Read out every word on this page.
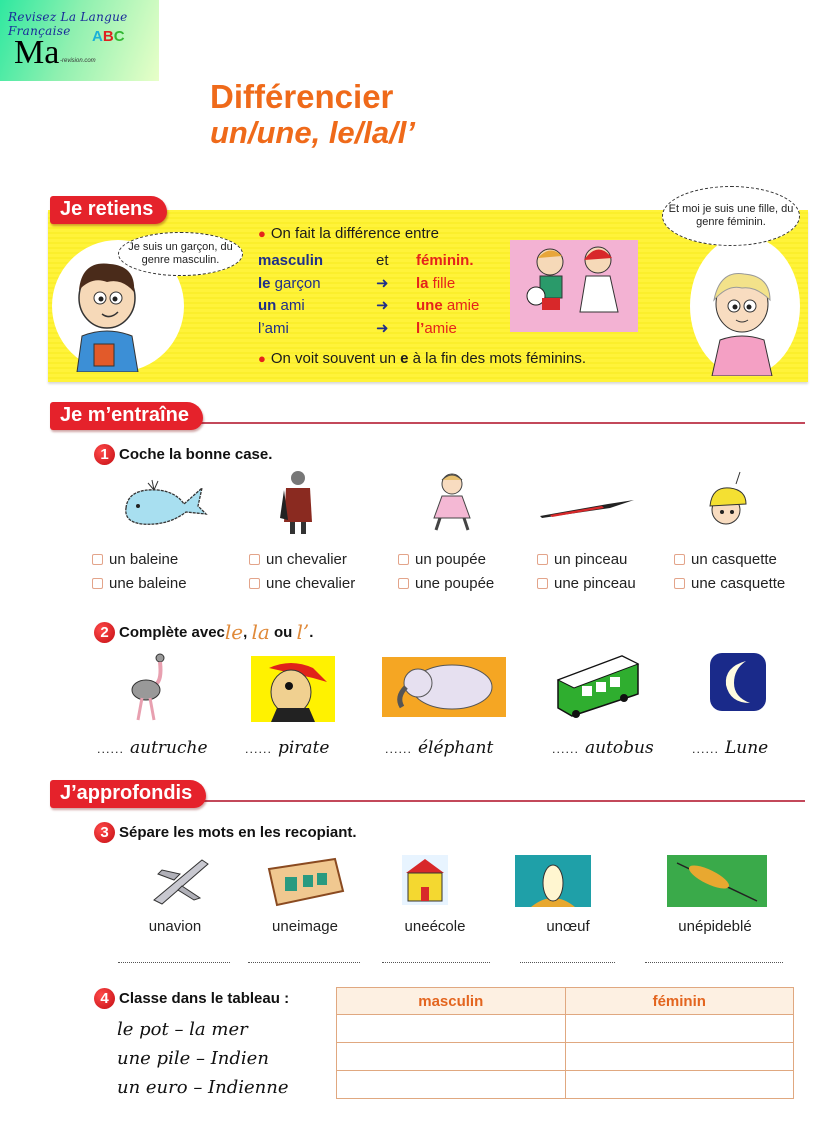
Revisez La Langue Française
Ma ABC
-revision.com
Différencier
un/une, le/la/l’
Je retiens
Je suis un garçon, du genre masculin.
● On fait la différence entre
masculin	et	féminin.
le garçon	➜	la fille
un ami	➜	une amie
l’ami	➜	l’amie
● On voit souvent un e à la fin des mots féminins.
Et moi je suis une fille, du genre féminin.
Je m’entraîne
1 Coche la bonne case.
un baleine
une baleine
un chevalier
une chevalier
un poupée
une poupée
un pinceau
une pinceau
un casquette
une casquette
2 Complète avec le , la ou l’ .
...... autruche	...... pirate	...... éléphant	...... autobus	...... Lune
J’approfondis
3 Sépare les mots en les recopiant.
unavion	uneimage	uneécole	unœuf	unépideblé
4 Classe dans le tableau :
le pot – la mer
une pile – Indien
un euro – Indienne
masculin	féminin
